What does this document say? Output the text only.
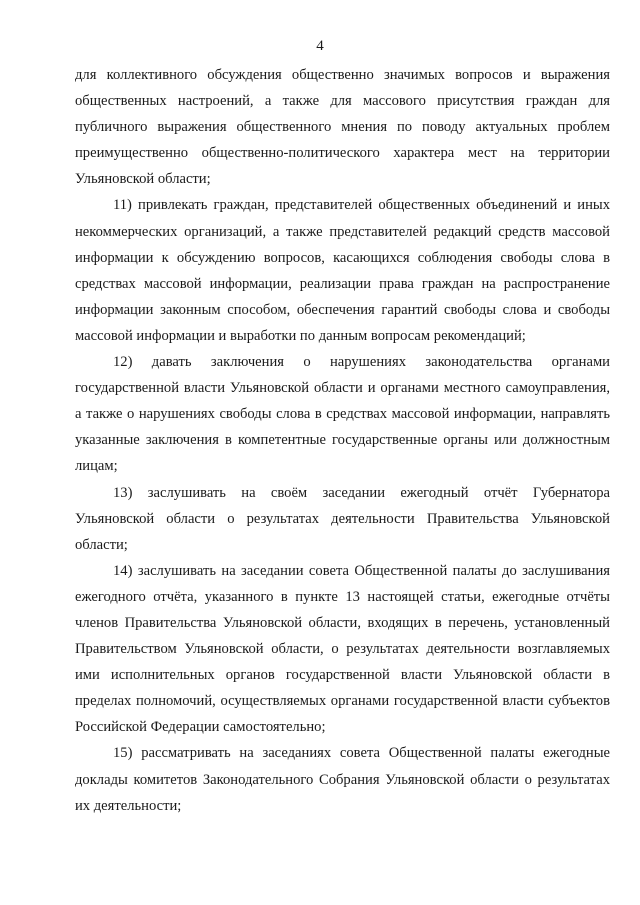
4

для коллективного обсуждения общественно значимых вопросов и выражения общественных настроений, а также для массового присутствия граждан для публичного выражения общественного мнения по поводу актуальных проблем преимущественно общественно-политического характера мест на территории Ульяновской области;

11) привлекать граждан, представителей общественных объединений и иных некоммерческих организаций, а также представителей редакций средств массовой информации к обсуждению вопросов, касающихся соблюдения свободы слова в средствах массовой информации, реализации права граждан на распространение информации законным способом, обеспечения гарантий свободы слова и свободы массовой информации и выработки по данным вопросам рекомендаций;

12) давать заключения о нарушениях законодательства органами государственной власти Ульяновской области и органами местного самоуправления, а также о нарушениях свободы слова в средствах массовой информации, направлять указанные заключения в компетентные государственные органы или должностным лицам;

13) заслушивать на своём заседании ежегодный отчёт Губернатора Ульяновской области о результатах деятельности Правительства Ульяновской области;

14) заслушивать на заседании совета Общественной палаты до заслушивания ежегодного отчёта, указанного в пункте 13 настоящей статьи, ежегодные отчёты членов Правительства Ульяновской области, входящих в перечень, установленный Правительством Ульяновской области, о результатах деятельности возглавляемых ими исполнительных органов государственной власти Ульяновской области в пределах полномочий, осуществляемых органами государственной власти субъектов Российской Федерации самостоятельно;

15) рассматривать на заседаниях совета Общественной палаты ежегодные доклады комитетов Законодательного Собрания Ульяновской области о результатах их деятельности;
